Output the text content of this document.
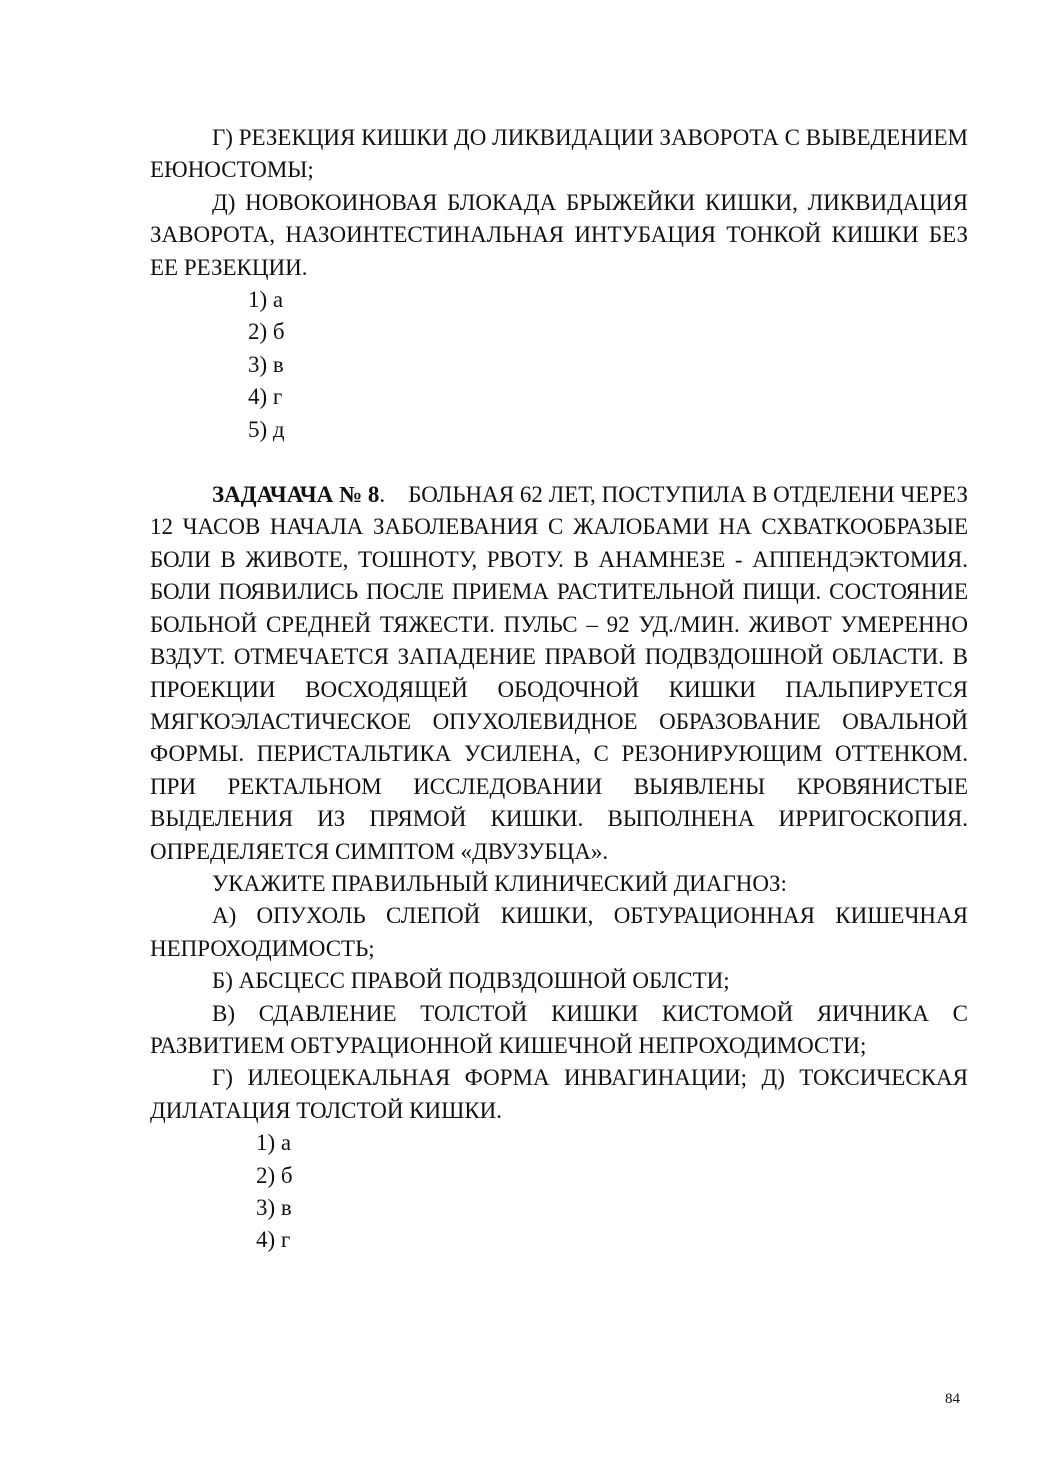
Г) РЕЗЕКЦИЯ КИШКИ ДО ЛИКВИДАЦИИ ЗАВОРОТА С ВЫВЕДЕНИЕМ ЕЮНОСТОМЫ;

Д) НОВОКОИНОВАЯ БЛОКАДА БРЫЖЕЙКИ КИШКИ, ЛИКВИДАЦИЯ ЗАВОРОТА, НАЗОИНТЕСТИНАЛЬНАЯ ИНТУБАЦИЯ ТОНКОЙ КИШКИ БЕЗ ЕЕ РЕЗЕКЦИИ.

1) а

2) б

3) в

4) г

5) д

ЗАДАЧАЧА № 8.    БОЛЬНАЯ 62 ЛЕТ, ПОСТУПИЛА В ОТДЕЛЕНИ ЧЕРЕЗ 12 ЧАСОВ НАЧАЛА ЗАБОЛЕВАНИЯ С ЖАЛОБАМИ НА СХВАТКООБРАЗЫЕ БОЛИ В ЖИВОТЕ, ТОШНОТУ, РВОТУ. В АНАМНЕЗЕ - АППЕНДЭКТОМИЯ. БОЛИ ПОЯВИЛИСЬ ПОСЛЕ ПРИЕМА РАСТИТЕЛЬНОЙ ПИЩИ. СОСТОЯНИЕ БОЛЬНОЙ СРЕДНЕЙ ТЯЖЕСТИ. ПУЛЬС – 92 УД./МИН. ЖИВОТ УМЕРЕННО ВЗДУТ. ОТМЕЧАЕТСЯ ЗАПАДЕНИЕ ПРАВОЙ ПОДВЗДОШНОЙ ОБЛАСТИ. В ПРОЕКЦИИ ВОСХОДЯЩЕЙ ОБОДОЧНОЙ КИШКИ ПАЛЬПИРУЕТСЯ МЯГКОЭЛАСТИЧЕСКОЕ ОПУХОЛЕВИДНОЕ ОБРАЗОВАНИЕ ОВАЛЬНОЙ ФОРМЫ. ПЕРИСТАЛЬТИКА УСИЛЕНА, С РЕЗОНИРУЮЩИМ ОТТЕНКОМ. ПРИ РЕКТАЛЬНОМ ИССЛЕДОВАНИИ ВЫЯВЛЕНЫ КРОВЯНИСТЫЕ ВЫДЕЛЕНИЯ ИЗ ПРЯМОЙ КИШКИ. ВЫПОЛНЕНА ИРРИГОСКОПИЯ. ОПРЕДЕЛЯЕТСЯ СИМПТОМ «ДВУЗУБЦА».

УКАЖИТЕ ПРАВИЛЬНЫЙ КЛИНИЧЕСКИЙ ДИАГНОЗ:

А) ОПУХОЛЬ СЛЕПОЙ КИШКИ, ОБТУРАЦИОННАЯ КИШЕЧНАЯ НЕПРОХОДИМОСТЬ;

Б) АБСЦЕСС ПРАВОЙ ПОДВЗДОШНОЙ ОБЛСТИ;

В) СДАВЛЕНИЕ ТОЛСТОЙ КИШКИ КИСТОМОЙ ЯИЧНИКА С РАЗВИТИЕМ ОБТУРАЦИОННОЙ КИШЕЧНОЙ НЕПРОХОДИМОСТИ;

Г) ИЛЕОЦЕКАЛЬНАЯ ФОРМА ИНВАГИНАЦИИ; Д) ТОКСИЧЕСКАЯ ДИЛАТАЦИЯ ТОЛСТОЙ КИШКИ.

1) а

2) б

3) в

4) г

84
